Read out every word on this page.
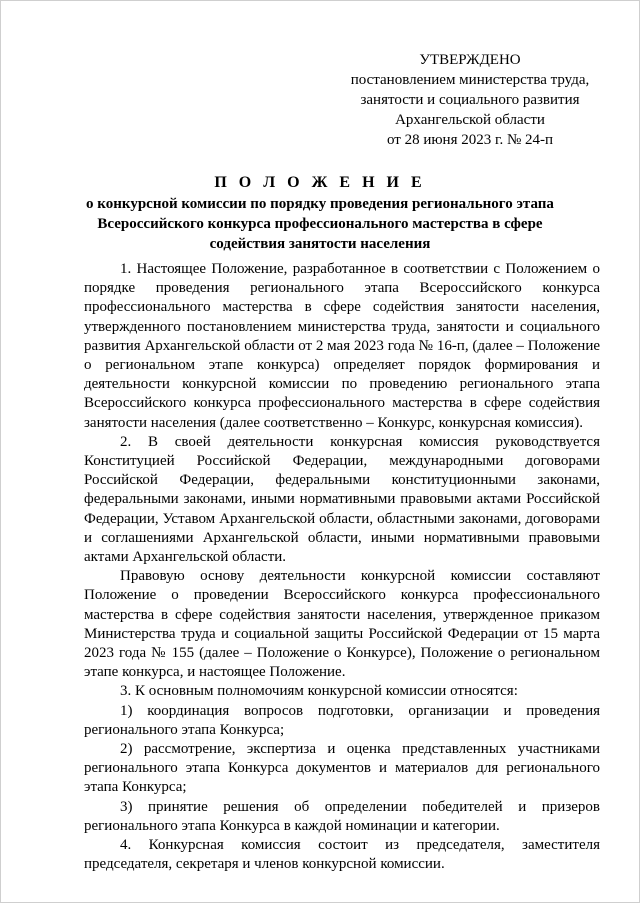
УТВЕРЖДЕНО
постановлением министерства труда,
занятости и социального развития
Архангельской области
от 28 июня 2023 г. № 24-п
П О Л О Ж Е Н И Е
о конкурсной комиссии по порядку проведения регионального этапа Всероссийского конкурса профессионального мастерства в сфере содействия занятости населения

1. Настоящее Положение, разработанное в соответствии с Положением о порядке проведения регионального этапа Всероссийского конкурса профессионального мастерства в сфере содействия занятости населения, утвержденного постановлением министерства труда, занятости и социального развития Архангельской области от 2 мая 2023 года № 16-п, (далее – Положение о региональном этапе конкурса) определяет порядок формирования и деятельности конкурсной комиссии по проведению регионального этапа Всероссийского конкурса профессионального мастерства в сфере содействия занятости населения (далее соответственно – Конкурс, конкурсная комиссия).

2. В своей деятельности конкурсная комиссия руководствуется Конституцией Российской Федерации, международными договорами Российской Федерации, федеральными конституционными законами, федеральными законами, иными нормативными правовыми актами Российской Федерации, Уставом Архангельской области, областными законами, договорами и соглашениями Архангельской области, иными нормативными правовыми актами Архангельской области.

Правовую основу деятельности конкурсной комиссии составляют Положение о проведении Всероссийского конкурса профессионального мастерства в сфере содействия занятости населения, утвержденное приказом Министерства труда и социальной защиты Российской Федерации от 15 марта 2023 года № 155 (далее – Положение о Конкурсе), Положение о региональном этапе конкурса, и настоящее Положение.

3. К основным полномочиям конкурсной комиссии относятся:

1) координация вопросов подготовки, организации и проведения регионального этапа Конкурса;

2) рассмотрение, экспертиза и оценка представленных участниками регионального этапа Конкурса документов и материалов для регионального этапа Конкурса;

3) принятие решения об определении победителей и призеров регионального этапа Конкурса в каждой номинации и категории.

4. Конкурсная комиссия состоит из председателя, заместителя председателя, секретаря и членов конкурсной комиссии.
